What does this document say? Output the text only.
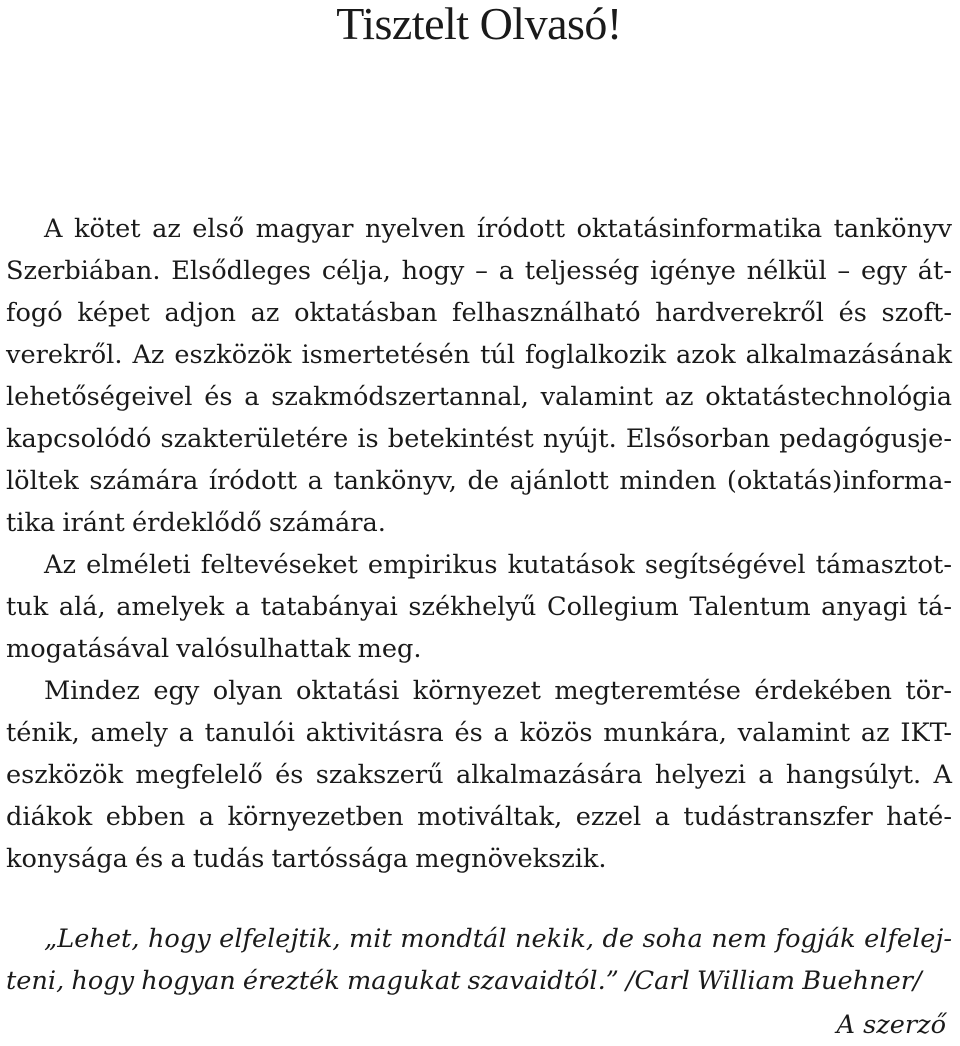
Tisztelt Olvasó!

A kötet az első magyar nyelven íródott oktatásinformatika tankönyv Szerbiában. Elsődleges célja, hogy – a teljesség igénye nélkül – egy átfogó képet adjon az oktatásban felhasználható hardverekről és szoftverekről. Az eszközök ismertetésén túl foglalkozik azok alkalmazásának lehetőségeivel és a szakmódszertannal, valamint az oktatástechnológia kapcsolódó szakterületére is betekintést nyújt. Elsősorban pedagógusjelöltek számára íródott a tankönyv, de ajánlott minden (oktatás)informatika iránt érdeklődő számára.

Az elméleti feltevéseket empirikus kutatások segítségével támasztottuk alá, amelyek a tatabányai székhelyű Collegium Talentum anyagi támogatásával valósulhattak meg.

Mindez egy olyan oktatási környezet megteremtése érdekében történik, amely a tanulói aktivitásra és a közös munkára, valamint az IKT-eszközök megfelelő és szakszerű alkalmazására helyezi a hangsúlyt. A diákok ebben a környezetben motiváltak, ezzel a tudástranszfer hatékonysága és a tudás tartóssága megnövekszik.

„Lehet, hogy elfelejtik, mit mondtál nekik, de soha nem fogják elfelejteni, hogy hogyan érezték magukat szavaidtól.” /Carl William Buehner/

A szerző
